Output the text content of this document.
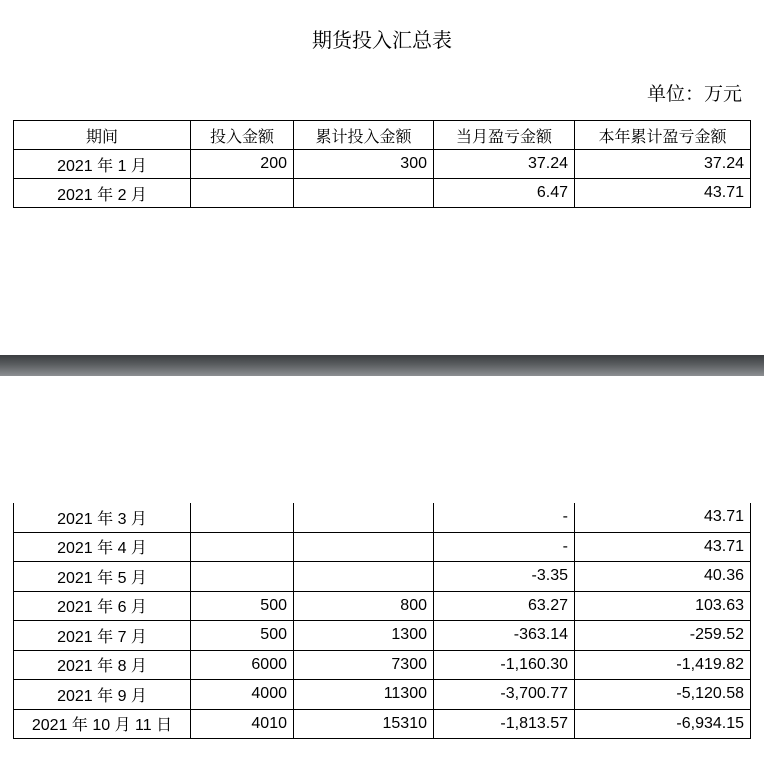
期货投入汇总表
单位：万元
期间	投入金额	累计投入金额	当月盈亏金额	本年累计盈亏金额
2021 年 1 月	200	300	37.24	37.24
2021 年 2 月			6.47	43.71
2021 年 3 月			-	43.71
2021 年 4 月			-	43.71
2021 年 5 月			-3.35	40.36
2021 年 6 月	500	800	63.27	103.63
2021 年 7 月	500	1300	-363.14	-259.52
2021 年 8 月	6000	7300	-1,160.30	-1,419.82
2021 年 9 月	4000	11300	-3,700.77	-5,120.58
2021 年 10 月 11 日	4010	15310	-1,813.57	-6,934.15
